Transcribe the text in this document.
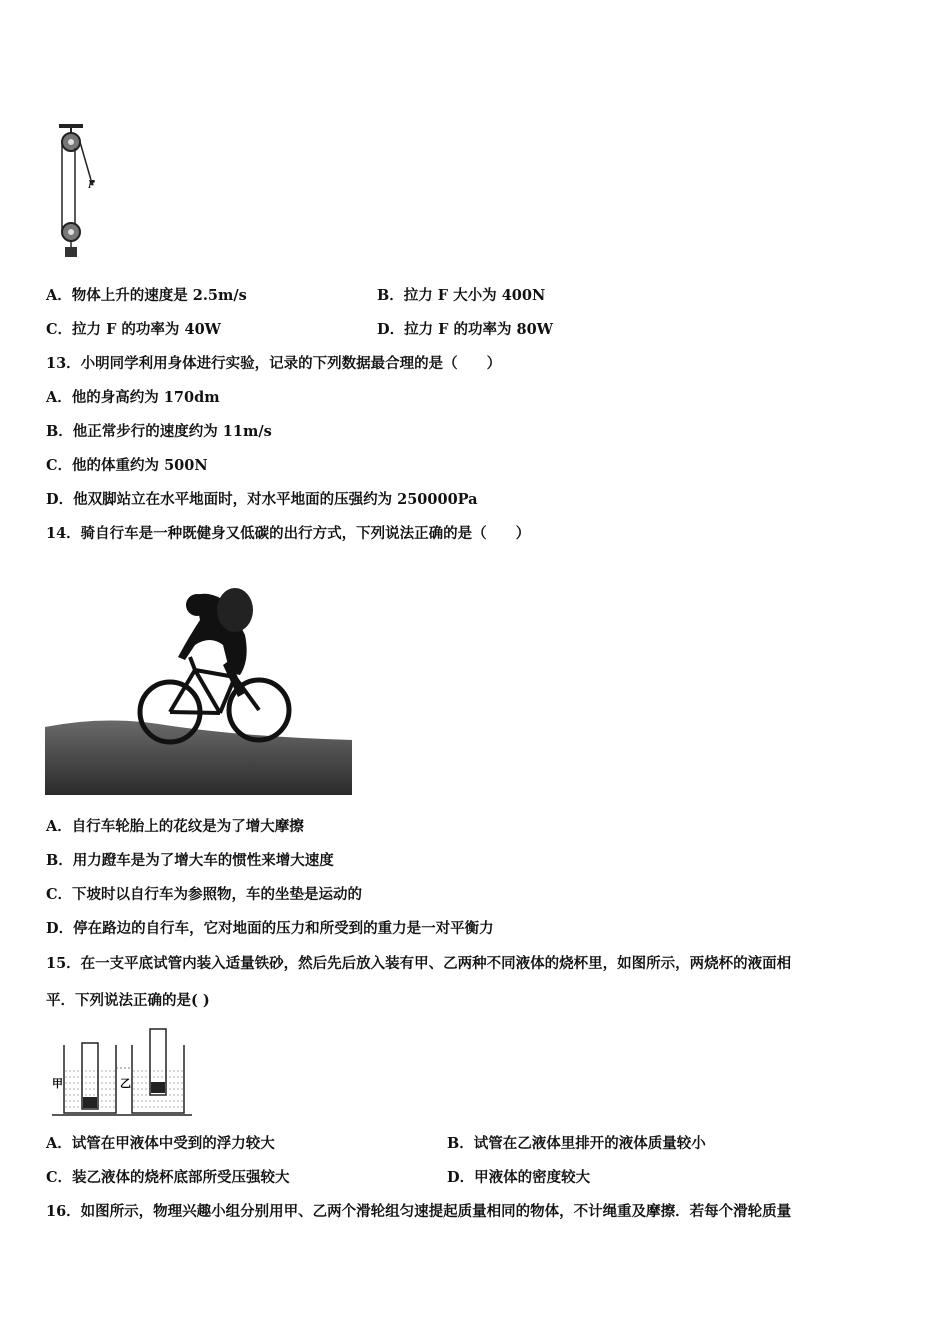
F
A．物体上升的速度是 2.5m/s	B．拉力 F 大小为 400N
C．拉力 F 的功率为 40W	D．拉力 F 的功率为 80W
13．小明同学利用身体进行实验，记录的下列数据最合理的是（　　）
A．他的身高约为 170dm
B．他正常步行的速度约为 11m/s
C．他的体重约为 500N
D．他双脚站立在水平地面时，对水平地面的压强约为 250000Pa
14．骑自行车是一种既健身又低碳的出行方式，下列说法正确的是（　　）
A．自行车轮胎上的花纹是为了增大摩擦
B．用力蹬车是为了增大车的惯性来增大速度
C．下坡时以自行车为参照物，车的坐垫是运动的
D．停在路边的自行车，它对地面的压力和所受到的重力是一对平衡力
15．在一支平底试管内装入适量铁砂，然后先后放入装有甲、乙两种不同液体的烧杯里，如图所示，两烧杯的液面相
平．下列说法正确的是( )
甲	乙
A．试管在甲液体中受到的浮力较大	B．试管在乙液体里排开的液体质量较小
C．装乙液体的烧杯底部所受压强较大	D．甲液体的密度较大
16．如图所示，物理兴趣小组分别用甲、乙两个滑轮组匀速提起质量相同的物体，不计绳重及摩擦．若每个滑轮质量
